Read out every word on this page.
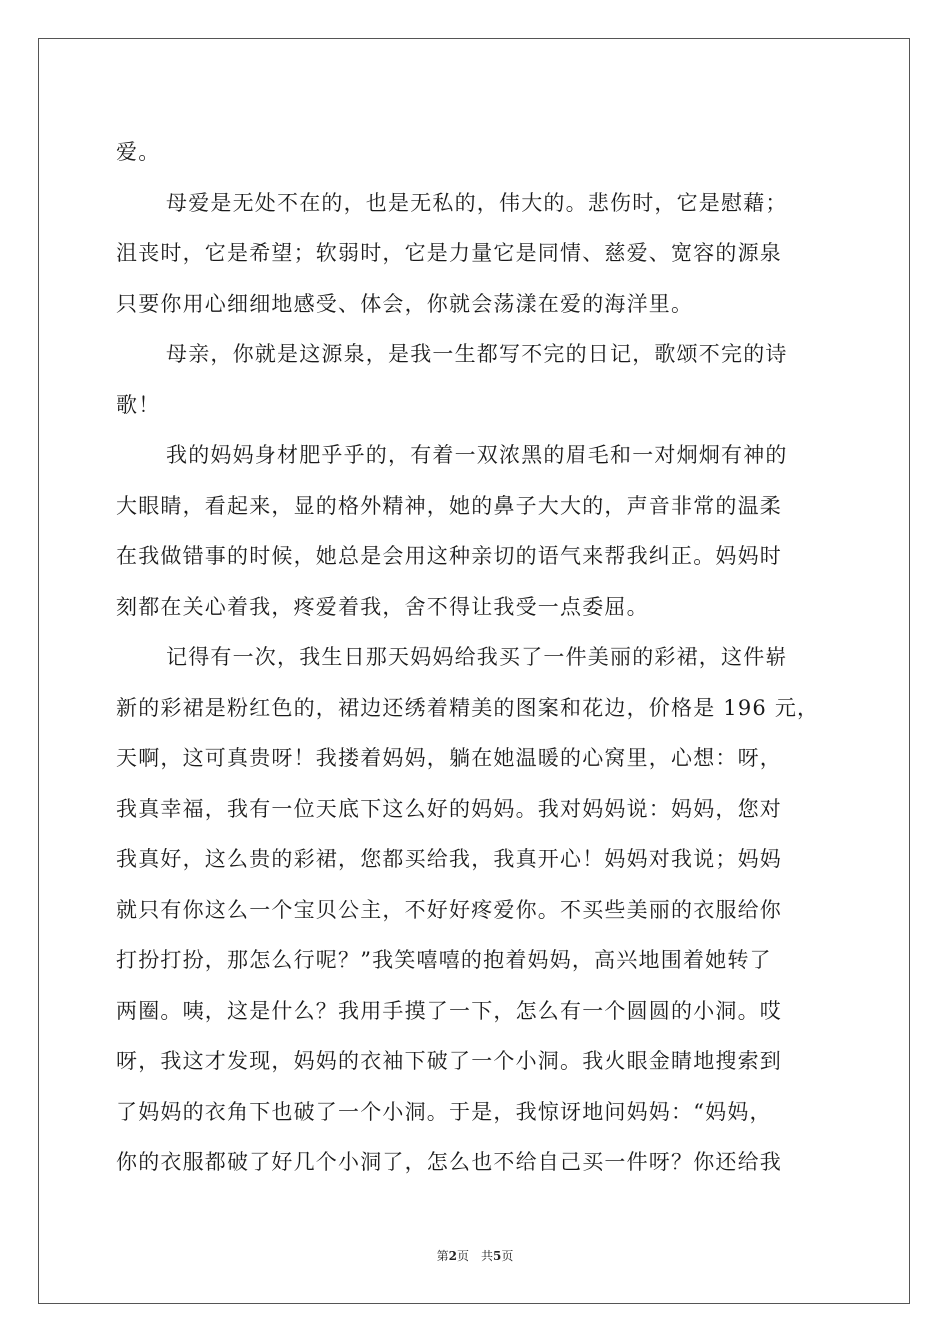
爱。
母爱是无处不在的，也是无私的，伟大的。悲伤时，它是慰藉；
沮丧时，它是希望；软弱时，它是力量它是同情、慈爱、宽容的源泉
只要你用心细细地感受、体会，你就会荡漾在爱的海洋里。
母亲，你就是这源泉，是我一生都写不完的日记，歌颂不完的诗
歌！
我的妈妈身材肥乎乎的，有着一双浓黑的眉毛和一对炯炯有神的
大眼睛，看起来，显的格外精神，她的鼻子大大的，声音非常的温柔
在我做错事的时候，她总是会用这种亲切的语气来帮我纠正。妈妈时
刻都在关心着我，疼爱着我，舍不得让我受一点委屈。
记得有一次，我生日那天妈妈给我买了一件美丽的彩裙，这件崭
新的彩裙是粉红色的，裙边还绣着精美的图案和花边，价格是 196 元，
天啊，这可真贵呀！我搂着妈妈，躺在她温暖的心窝里，心想：呀，
我真幸福，我有一位天底下这么好的妈妈。我对妈妈说：妈妈，您对
我真好，这么贵的彩裙，您都买给我，我真开心！妈妈对我说；妈妈
就只有你这么一个宝贝公主，不好好疼爱你。不买些美丽的衣服给你
打扮打扮，那怎么行呢？”我笑嘻嘻的抱着妈妈，高兴地围着她转了
两圈。咦，这是什么？我用手摸了一下，怎么有一个圆圆的小洞。哎
呀，我这才发现，妈妈的衣袖下破了一个小洞。我火眼金睛地搜索到
了妈妈的衣角下也破了一个小洞。于是，我惊讶地问妈妈：“妈妈，
你的衣服都破了好几个小洞了，怎么也不给自己买一件呀？你还给我
第2页　共5页
